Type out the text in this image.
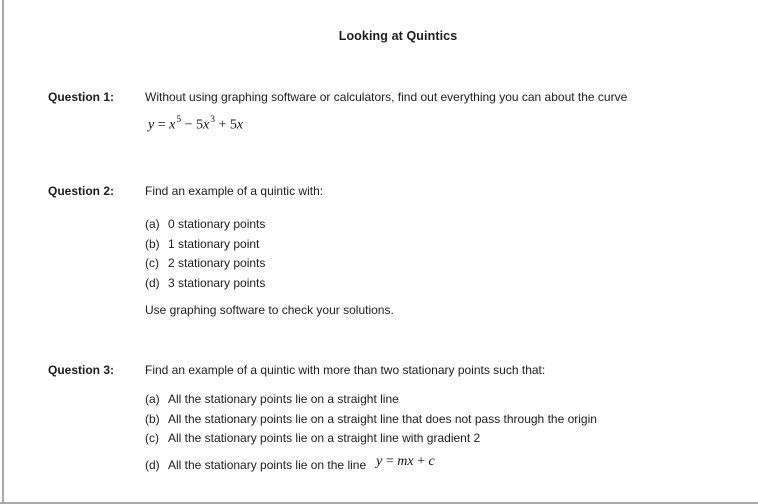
Looking at Quintics
Question 1:	Without using graphing software or calculators, find out everything you can about the curve
$y = x^5 - 5x^3 + 5x$
Question 2:	Find an example of a quintic with:
(a) 0 stationary points
(b) 1 stationary point
(c) 2 stationary points
(d) 3 stationary points
Use graphing software to check your solutions.
Question 3:	Find an example of a quintic with more than two stationary points such that:
(a) All the stationary points lie on a straight line
(b) All the stationary points lie on a straight line that does not pass through the origin
(c) All the stationary points lie on a straight line with gradient 2
(d) All the stationary points lie on the line y = mx + c
